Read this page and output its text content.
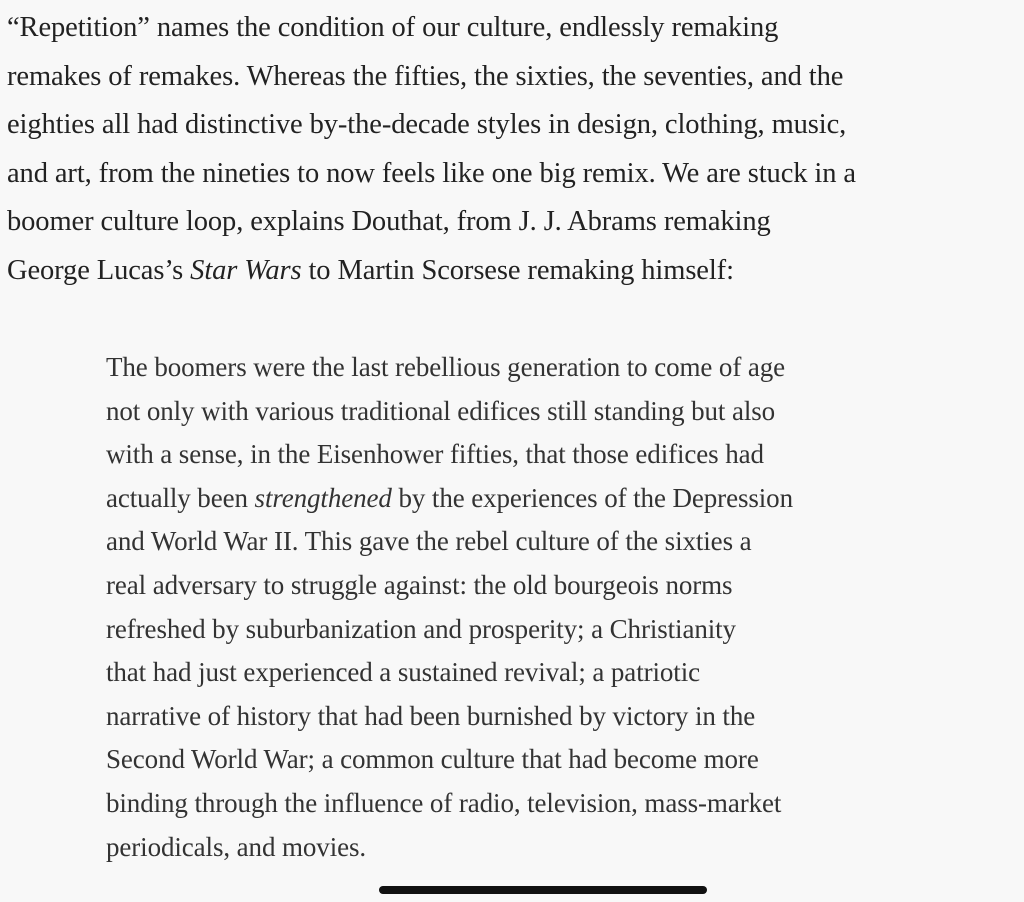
“Repetition” names the condition of our culture, endlessly remaking
remakes of remakes. Whereas the fifties, the sixties, the seventies, and the
eighties all had distinctive by-the-decade styles in design, clothing, music,
and art, from the nineties to now feels like one big remix. We are stuck in a
boomer culture loop, explains Douthat, from J. J. Abrams remaking
George Lucas’s Star Wars to Martin Scorsese remaking himself:

The boomers were the last rebellious generation to come of age
not only with various traditional edifices still standing but also
with a sense, in the Eisenhower fifties, that those edifices had
actually been strengthened by the experiences of the Depression
and World War II. This gave the rebel culture of the sixties a
real adversary to struggle against: the old bourgeois norms
refreshed by suburbanization and prosperity; a Christianity
that had just experienced a sustained revival; a patriotic
narrative of history that had been burnished by victory in the
Second World War; a common culture that had become more
binding through the influence of radio, television, mass-market
periodicals, and movies.
